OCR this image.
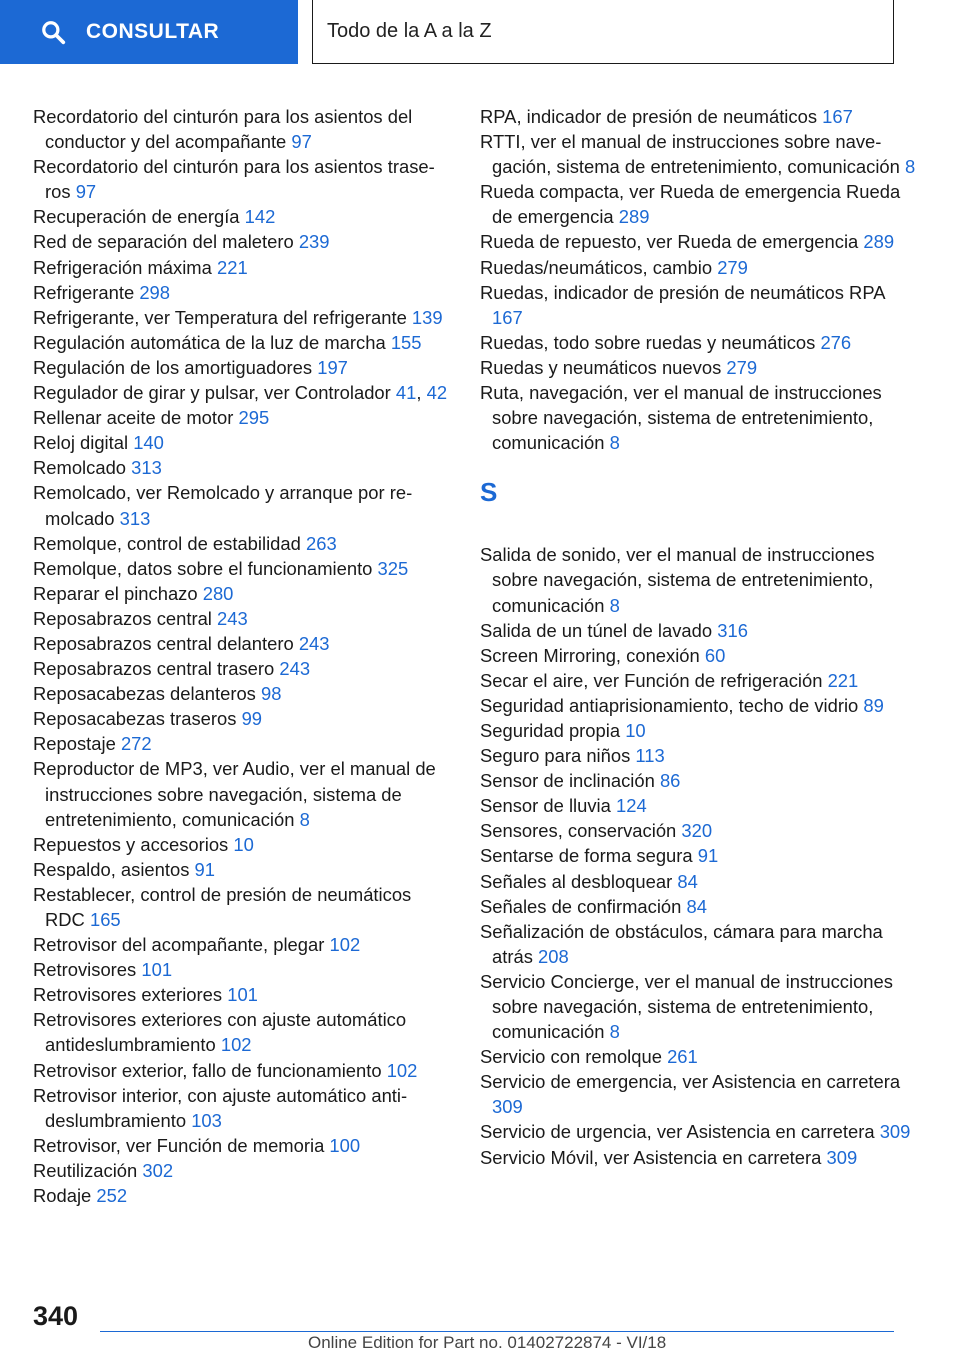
CONSULTAR	Todo de la A a la Z
Recordatorio del cinturón para los asientos del conductor y del acompañante 97
Recordatorio del cinturón para los asientos traseros 97
Recuperación de energía 142
Red de separación del maletero 239
Refrigeración máxima 221
Refrigerante 298
Refrigerante, ver Temperatura del refrigerante 139
Regulación automática de la luz de marcha 155
Regulación de los amortiguadores 197
Regulador de girar y pulsar, ver Controlador 41, 42
Rellenar aceite de motor 295
Reloj digital 140
Remolcado 313
Remolcado, ver Remolcado y arranque por remolcado 313
Remolque, control de estabilidad 263
Remolque, datos sobre el funcionamiento 325
Reparar el pinchazo 280
Reposabrazos central 243
Reposabrazos central delantero 243
Reposabrazos central trasero 243
Reposacabezas delanteros 98
Reposacabezas traseros 99
Repostaje 272
Reproductor de MP3, ver Audio, ver el manual de instrucciones sobre navegación, sistema de entretenimiento, comunicación 8
Repuestos y accesorios 10
Respaldo, asientos 91
Restablecer, control de presión de neumáticos RDC 165
Retrovisor del acompañante, plegar 102
Retrovisores 101
Retrovisores exteriores 101
Retrovisores exteriores con ajuste automático antideslumbramiento 102
Retrovisor exterior, fallo de funcionamiento 102
Retrovisor interior, con ajuste automático antideslumbramiento 103
Retrovisor, ver Función de memoria 100
Reutilización 302
Rodaje 252
RPA, indicador de presión de neumáticos 167
RTTI, ver el manual de instrucciones sobre navegación, sistema de entretenimiento, comunicación 8
Rueda compacta, ver Rueda de emergencia Rueda de emergencia 289
Rueda de repuesto, ver Rueda de emergencia 289
Ruedas/neumáticos, cambio 279
Ruedas, indicador de presión de neumáticos RPA 167
Ruedas, todo sobre ruedas y neumáticos 276
Ruedas y neumáticos nuevos 279
Ruta, navegación, ver el manual de instrucciones sobre navegación, sistema de entretenimiento, comunicación 8
S
Salida de sonido, ver el manual de instrucciones sobre navegación, sistema de entretenimiento, comunicación 8
Salida de un túnel de lavado 316
Screen Mirroring, conexión 60
Secar el aire, ver Función de refrigeración 221
Seguridad antiaprisionamiento, techo de vidrio 89
Seguridad propia 10
Seguro para niños 113
Sensor de inclinación 86
Sensor de lluvia 124
Sensores, conservación 320
Sentarse de forma segura 91
Señales al desbloquear 84
Señales de confirmación 84
Señalización de obstáculos, cámara para marcha atrás 208
Servicio Concierge, ver el manual de instrucciones sobre navegación, sistema de entretenimiento, comunicación 8
Servicio con remolque 261
Servicio de emergencia, ver Asistencia en carretera 309
Servicio de urgencia, ver Asistencia en carretera 309
Servicio Móvil, ver Asistencia en carretera 309
340
Online Edition for Part no. 01402722874 - VI/18
